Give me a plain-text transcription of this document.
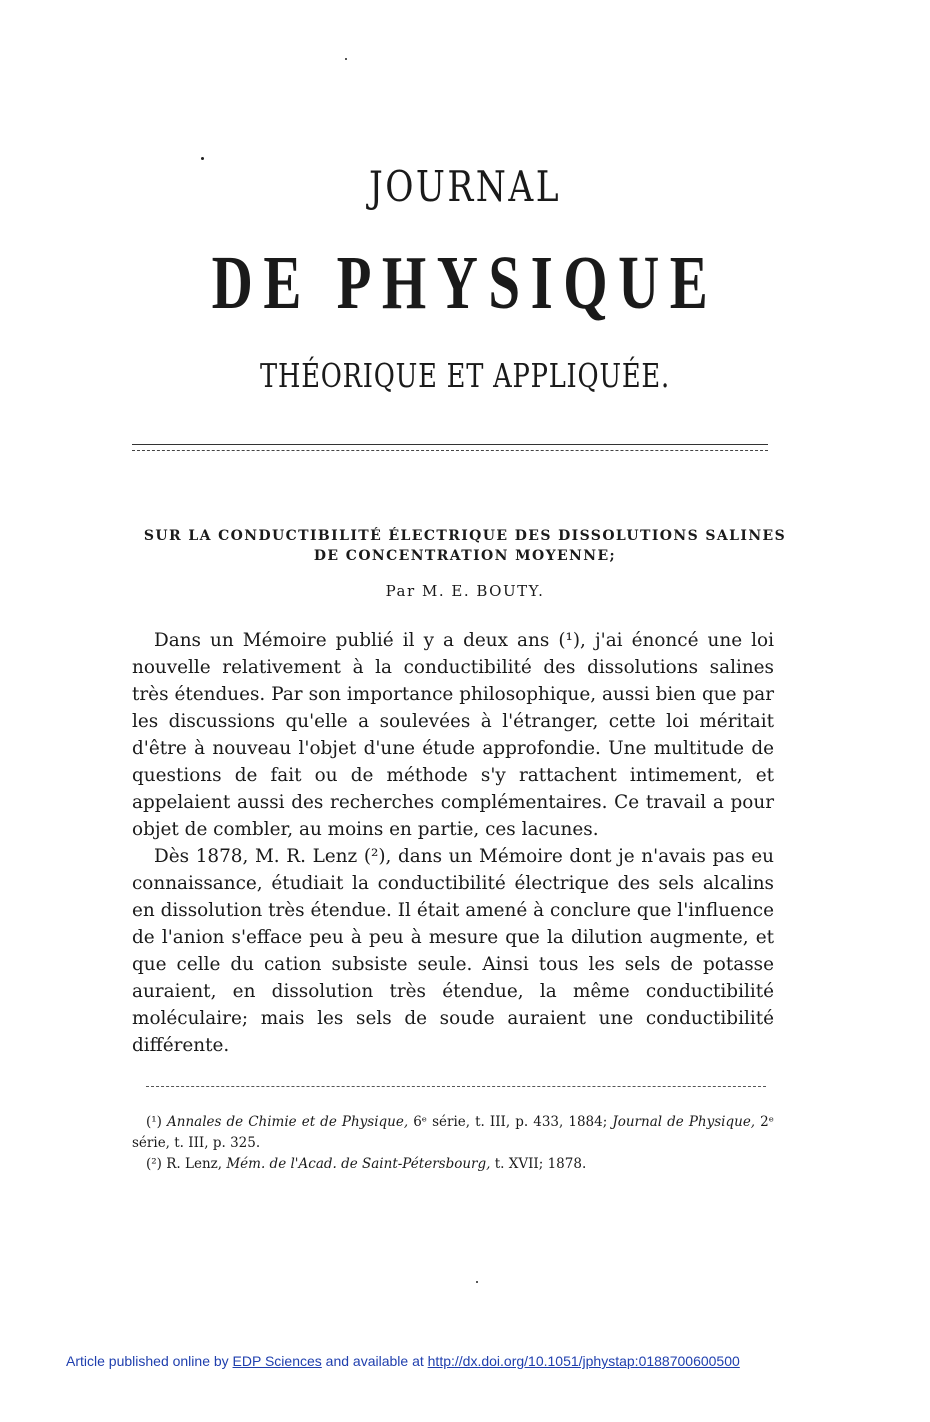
JOURNAL
DE PHYSIQUE
THÉORIQUE ET APPLIQUÉE.
SUR LA CONDUCTIBILITÉ ÉLECTRIQUE DES DISSOLUTIONS SALINES
DE CONCENTRATION MOYENNE;
Par M. E. BOUTY.

Dans un Mémoire publié il y a deux ans (¹), j'ai énoncé une loi nouvelle relativement à la conductibilité des dissolutions salines très étendues. Par son importance philosophique, aussi bien que par les discussions qu'elle a soulevées à l'étranger, cette loi méritait d'être à nouveau l'objet d'une étude approfondie. Une multitude de questions de fait ou de méthode s'y rattachent intimement, et appelaient aussi des recherches complémentaires. Ce travail a pour objet de combler, au moins en partie, ces lacunes.

Dès 1878, M. R. Lenz (²), dans un Mémoire dont je n'avais pas eu connaissance, étudiait la conductibilité électrique des sels alcalins en dissolution très étendue. Il était amené à conclure que l'influence de l'anion s'efface peu à peu à mesure que la dilution augmente, et que celle du cation subsiste seule. Ainsi tous les sels de potasse auraient, en dissolution très étendue, la même conductibilité moléculaire; mais les sels de soude auraient une conductibilité différente.

(¹) Annales de Chimie et de Physique, 6ᵉ série, t. III, p. 433, 1884; Journal de Physique, 2ᵉ série, t. III, p. 325.

(²) R. Lenz, Mém. de l'Acad. de Saint-Pétersbourg, t. XVII; 1878.

Article published online by EDP Sciences and available at http://dx.doi.org/10.1051/jphystap:0188700600500
